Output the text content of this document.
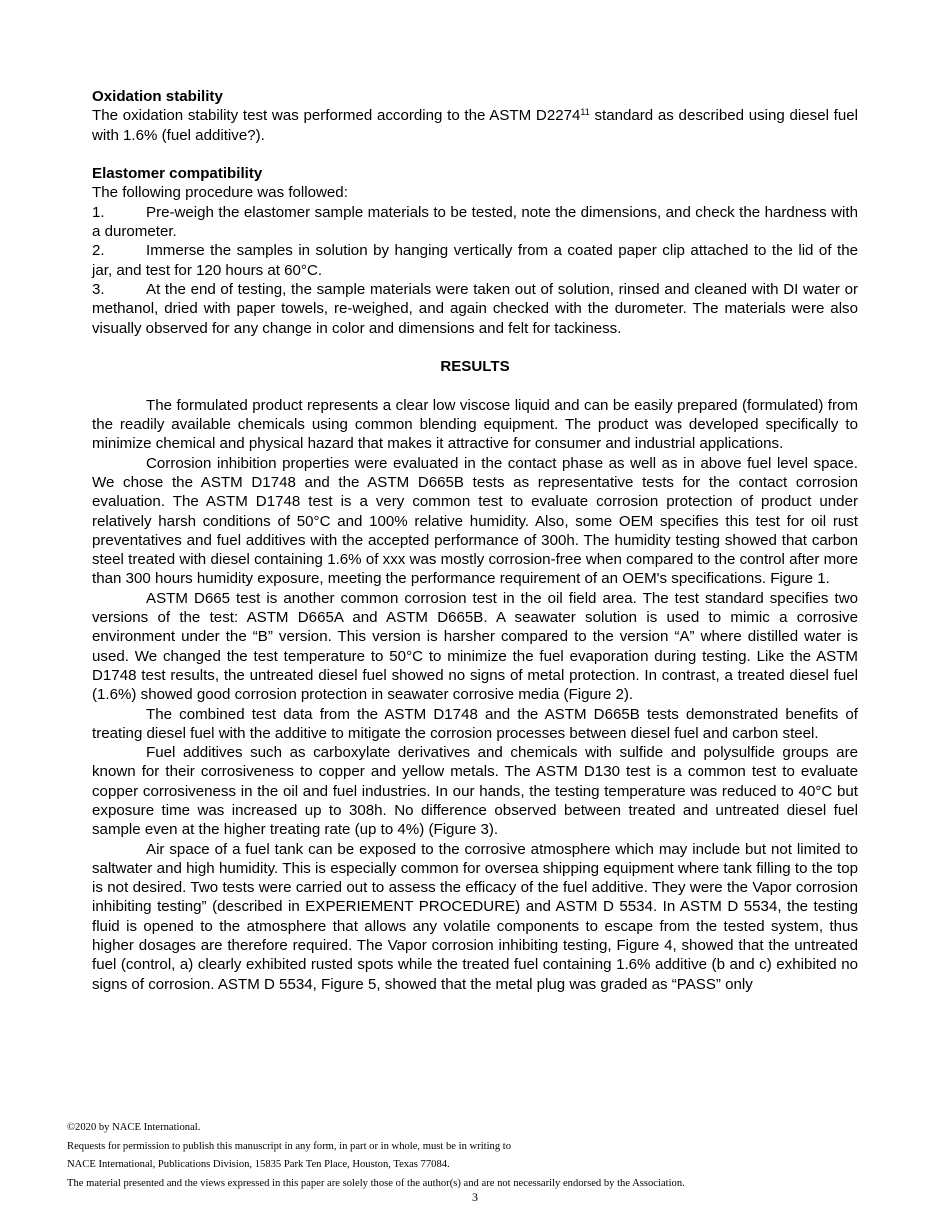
Oxidation stability

The oxidation stability test was performed according to the ASTM D2274$^{11}$ standard as described using diesel fuel with 1.6% (fuel additive?).

Elastomer compatibility

The following procedure was followed:

1.	Pre-weigh the elastomer sample materials to be tested, note the dimensions, and check the hardness with a durometer.

2.	Immerse the samples in solution by hanging vertically from a coated paper clip attached to the lid of the jar, and test for 120 hours at 60°C.

3.	At the end of testing, the sample materials were taken out of solution, rinsed and cleaned with DI water or methanol, dried with paper towels, re-weighed, and again checked with the durometer. The materials were also visually observed for any change in color and dimensions and felt for tackiness.

RESULTS

The formulated product represents a clear low viscose liquid and can be easily prepared (formulated) from the readily available chemicals using common blending equipment. The product was developed specifically to minimize chemical and physical hazard that makes it attractive for consumer and industrial applications.

Corrosion inhibition properties were evaluated in the contact phase as well as in above fuel level space. We chose the ASTM D1748 and the ASTM D665B tests as representative tests for the contact corrosion evaluation. The ASTM D1748 test is a very common test to evaluate corrosion protection of product under relatively harsh conditions of 50°C and 100% relative humidity. Also, some OEM specifies this test for oil rust preventatives and fuel additives with the accepted performance of 300h. The humidity testing showed that carbon steel treated with diesel containing 1.6% of xxx was mostly corrosion-free when compared to the control after more than 300 hours humidity exposure, meeting the performance requirement of an OEM's specifications. Figure 1.

ASTM D665 test is another common corrosion test in the oil field area. The test standard specifies two versions of the test: ASTM D665A and ASTM D665B. A seawater solution is used to mimic a corrosive environment under the “B” version. This version is harsher compared to the version “A” where distilled water is used. We changed the test temperature to 50°C to minimize the fuel evaporation during testing. Like the ASTM D1748 test results, the untreated diesel fuel showed no signs of metal protection. In contrast, a treated diesel fuel (1.6%) showed good corrosion protection in seawater corrosive media (Figure 2).

The combined test data from the ASTM D1748 and the ASTM D665B tests demonstrated benefits of treating diesel fuel with the additive to mitigate the corrosion processes between diesel fuel and carbon steel.

Fuel additives such as carboxylate derivatives and chemicals with sulfide and polysulfide groups are known for their corrosiveness to copper and yellow metals. The ASTM D130 test is a common test to evaluate copper corrosiveness in the oil and fuel industries. In our hands, the testing temperature was reduced to 40°C but exposure time was increased up to 308h. No difference observed between treated and untreated diesel fuel sample even at the higher treating rate (up to 4%) (Figure 3).

Air space of a fuel tank can be exposed to the corrosive atmosphere which may include but not limited to saltwater and high humidity. This is especially common for oversea shipping equipment where tank filling to the top is not desired. Two tests were carried out to assess the efficacy of the fuel additive. They were the Vapor corrosion inhibiting testing” (described in EXPERIEMENT PROCEDURE) and ASTM D 5534. In ASTM D 5534, the testing fluid is opened to the atmosphere that allows any volatile components to escape from the tested system, thus higher dosages are therefore required. The Vapor corrosion inhibiting testing, Figure 4, showed that the untreated fuel (control, a) clearly exhibited rusted spots while the treated fuel containing 1.6% additive (b and c) exhibited no signs of corrosion. ASTM D 5534, Figure 5, showed that the metal plug was graded as “PASS” only

©2020 by NACE International.

Requests for permission to publish this manuscript in any form, in part or in whole, must be in writing to

NACE International, Publications Division, 15835 Park Ten Place, Houston, Texas 77084.

The material presented and the views expressed in this paper are solely those of the author(s) and are not necessarily endorsed by the Association.

3
